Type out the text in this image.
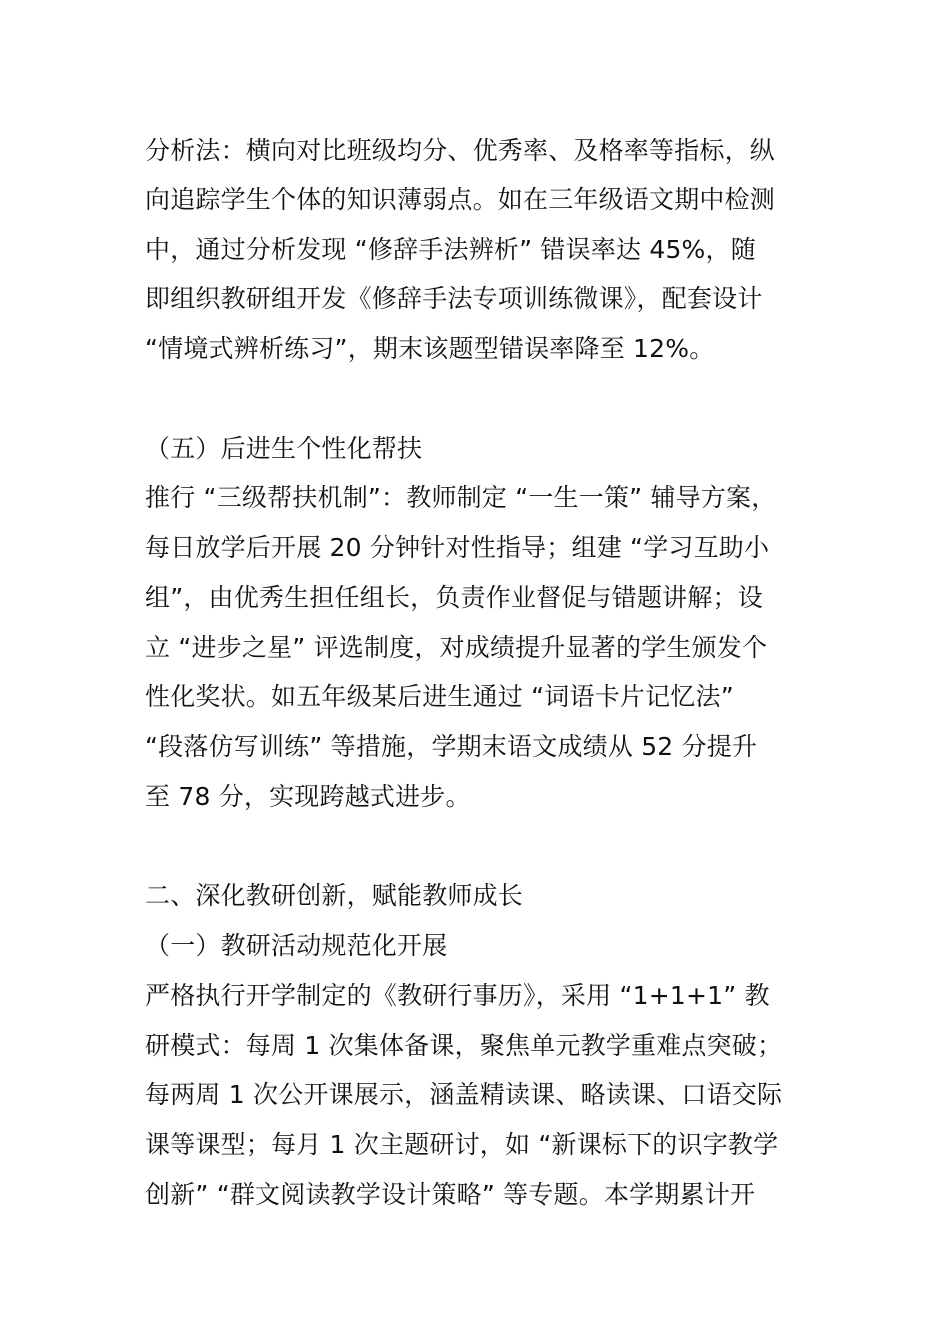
分析法：横向对比班级均分、优秀率、及格率等指标，纵
向追踪学生个体的知识薄弱点。如在三年级语文期中检测
中，通过分析发现 “修辞手法辨析” 错误率达 45%，随
即组织教研组开发《修辞手法专项训练微课》，配套设计
“情境式辨析练习”，期末该题型错误率降至 12%。
（五）后进生个性化帮扶
推行 “三级帮扶机制”：教师制定 “一生一策” 辅导方案，
每日放学后开展 20 分钟针对性指导；组建 “学习互助小
组”，由优秀生担任组长，负责作业督促与错题讲解；设
立 “进步之星” 评选制度，对成绩提升显著的学生颁发个
性化奖状。如五年级某后进生通过 “词语卡片记忆法”
“段落仿写训练” 等措施，学期末语文成绩从 52 分提升
至 78 分，实现跨越式进步。
二、深化教研创新，赋能教师成长
（一）教研活动规范化开展
严格执行开学制定的《教研行事历》，采用 “1+1+1” 教
研模式：每周 1 次集体备课，聚焦单元教学重难点突破；
每两周 1 次公开课展示，涵盖精读课、略读课、口语交际
课等课型；每月 1 次主题研讨，如 “新课标下的识字教学
创新” “群文阅读教学设计策略” 等专题。本学期累计开
